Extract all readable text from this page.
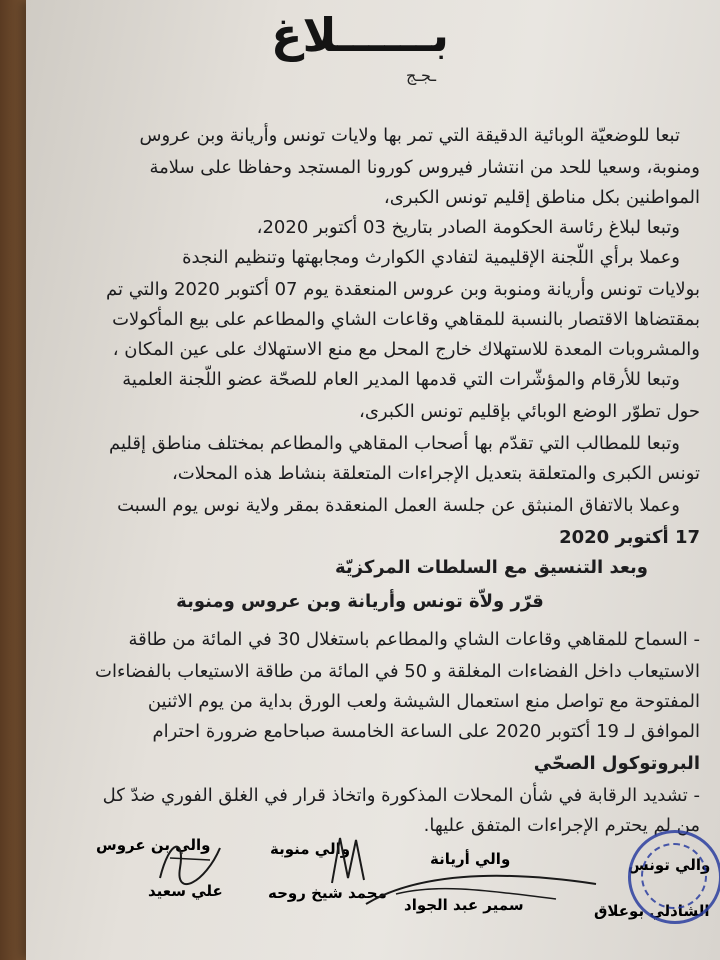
بــــــلاغ
ـجـج
تبعا للوضعيّة الوبائية الدقيقة التي تمر بها ولايات تونس وأريانة وبن عروس
ومنوبة، وسعيا للحد من انتشار فيروس كورونا المستجد وحفاظا على سلامة
المواطنين بكل مناطق إقليم تونس الكبرى،
وتبعا لبلاغ رئاسة الحكومة الصادر بتاريخ 03 أكتوبر 2020،
وعملا برأي اللّجنة الإقليمية لتفادي الكوارث ومجابهتها وتنظيم النجدة
بولايات تونس وأريانة ومنوبة وبن عروس المنعقدة يوم 07 أكتوبر 2020 والتي تم
بمقتضاها الاقتصار بالنسبة للمقاهي وقاعات الشاي والمطاعم على بيع المأكولات
والمشروبات المعدة للاستهلاك خارج المحل مع منع الاستهلاك على عين المكان ،
وتبعا للأرقام والمؤشّرات التي قدمها المدير العام للصحّة عضو اللّجنة العلمية
حول تطوّر الوضع الوبائي بإقليم تونس الكبرى،
وتبعا للمطالب التي تقدّم بها أصحاب المقاهي والمطاعم بمختلف مناطق إقليم
تونس الكبرى والمتعلقة بتعديل الإجراءات المتعلقة بنشاط هذه المحلات،
وعملا بالاتفاق المنبثق عن جلسة العمل المنعقدة بمقر ولاية نوس يوم السبت
17 أكتوبر 2020
وبعد التنسيق مع السلطات المركزيّة
قرّر ولاّة تونس وأريانة وبن عروس ومنوبة
- السماح للمقاهي وقاعات الشاي والمطاعم باستغلال 30 في المائة من طاقة
الاستيعاب داخل الفضاءات المغلقة و 50 في المائة من طاقة الاستيعاب بالفضاءات
المفتوحة مع تواصل منع استعمال الشيشة ولعب الورق بداية من يوم الاثنين
الموافق لـ 19 أكتوبر 2020 على الساعة الخامسة صباحامع ضرورة احترام
البروتوكول الصحّي
- تشديد الرقابة في شأن المحلات المذكورة واتخاذ قرار في الغلق الفوري ضدّ كل
من لم يحترم الإجراءات المتفق عليها.
والي بن عروس	والي منوبة
والي أريانة	والي تونس
علي سعيد	محمد شيخ روحه
سمير عبد الجواد	الشاذلي بوعلاق
